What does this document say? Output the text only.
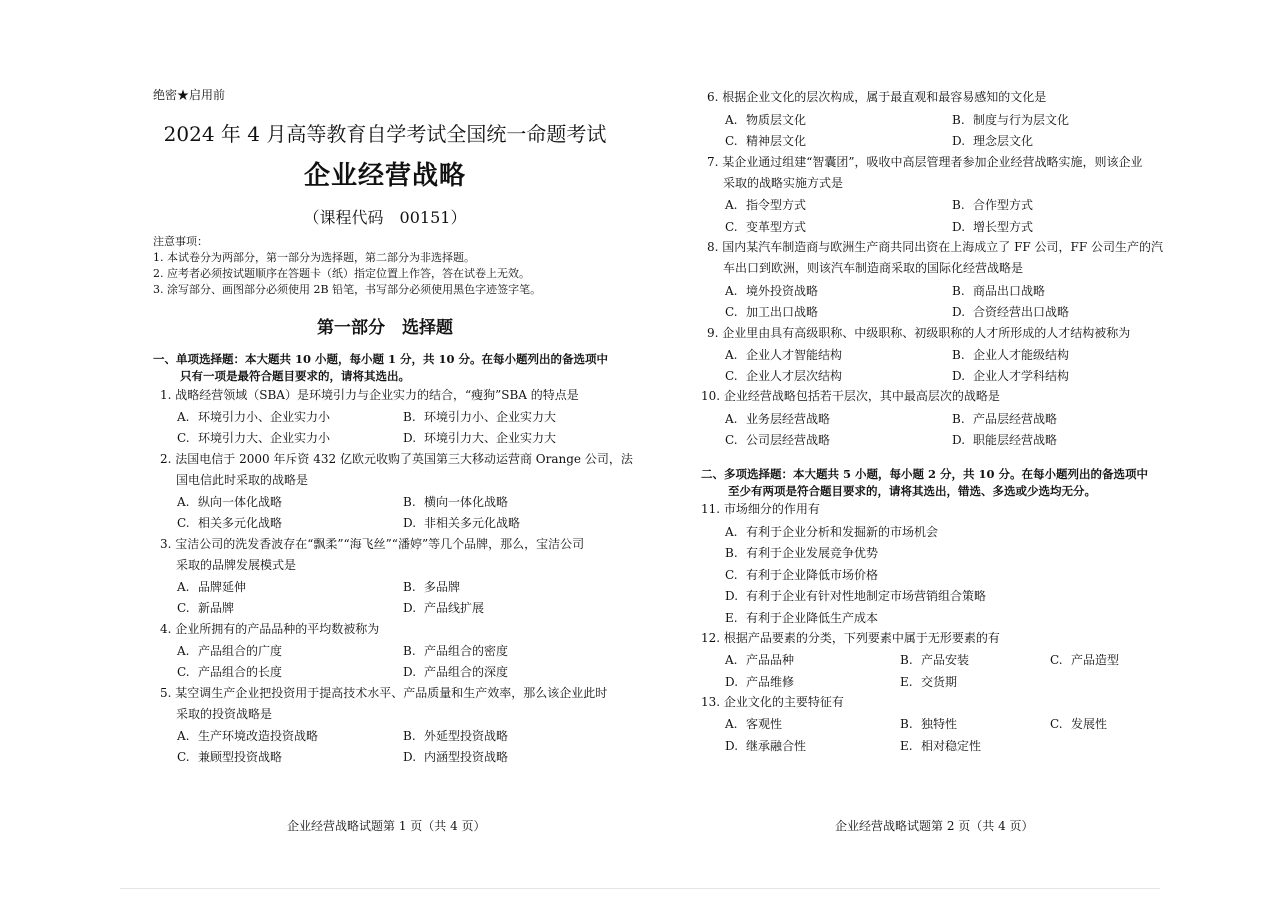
绝密★启用前
2024 年 4 月高等教育自学考试全国统一命题考试
企业经营战略
（课程代码　00151）
注意事项：
1. 本试卷分为两部分，第一部分为选择题，第二部分为非选择题。
2. 应考者必须按试题顺序在答题卡（纸）指定位置上作答，答在试卷上无效。
3. 涂写部分、画图部分必须使用 2B 铅笔，书写部分必须使用黑色字迹签字笔。
第一部分　选择题
一、单项选择题：本大题共 10 小题，每小题 1 分，共 10 分。在每小题列出的备选项中
只有一项是最符合题目要求的，请将其选出。
1. 战略经营领域（SBA）是环境引力与企业实力的结合，“瘦狗”SBA 的特点是
A. 环境引力小、企业实力小	B. 环境引力小、企业实力大
C. 环境引力大、企业实力小	D. 环境引力大、企业实力大
2. 法国电信于 2000 年斥资 432 亿欧元收购了英国第三大移动运营商 Orange 公司，法
国电信此时采取的战略是
A. 纵向一体化战略	B. 横向一体化战略
C. 相关多元化战略	D. 非相关多元化战略
3. 宝洁公司的洗发香波存在“飘柔”“海飞丝”“潘婷”等几个品牌，那么，宝洁公司
采取的品牌发展模式是
A. 品牌延伸	B. 多品牌
C. 新品牌	D. 产品线扩展
4. 企业所拥有的产品品种的平均数被称为
A. 产品组合的广度	B. 产品组合的密度
C. 产品组合的长度	D. 产品组合的深度
5. 某空调生产企业把投资用于提高技术水平、产品质量和生产效率，那么该企业此时
采取的投资战略是
A. 生产环境改造投资战略	B. 外延型投资战略
C. 兼顾型投资战略	D. 内涵型投资战略
企业经营战略试题第 1 页（共 4 页）
6. 根据企业文化的层次构成，属于最直观和最容易感知的文化是
A. 物质层文化	B. 制度与行为层文化
C. 精神层文化	D. 理念层文化
7. 某企业通过组建“智囊团”，吸收中高层管理者参加企业经营战略实施，则该企业
采取的战略实施方式是
A. 指令型方式	B. 合作型方式
C. 变革型方式	D. 增长型方式
8. 国内某汽车制造商与欧洲生产商共同出资在上海成立了 FF 公司，FF 公司生产的汽
车出口到欧洲，则该汽车制造商采取的国际化经营战略是
A. 境外投资战略	B. 商品出口战略
C. 加工出口战略	D. 合资经营出口战略
9. 企业里由具有高级职称、中级职称、初级职称的人才所形成的人才结构被称为
A. 企业人才智能结构	B. 企业人才能级结构
C. 企业人才层次结构	D. 企业人才学科结构
10. 企业经营战略包括若干层次，其中最高层次的战略是
A. 业务层经营战略	B. 产品层经营战略
C. 公司层经营战略	D. 职能层经营战略
二、多项选择题：本大题共 5 小题，每小题 2 分，共 10 分。在每小题列出的备选项中
至少有两项是符合题目要求的，请将其选出，错选、多选或少选均无分。
11. 市场细分的作用有
A. 有利于企业分析和发掘新的市场机会
B. 有利于企业发展竞争优势
C. 有利于企业降低市场价格
D. 有利于企业有针对性地制定市场营销组合策略
E. 有利于企业降低生产成本
12. 根据产品要素的分类，下列要素中属于无形要素的有
A. 产品品种	B. 产品安装	C. 产品造型
D. 产品维修	E. 交货期
13. 企业文化的主要特征有
A. 客观性	B. 独特性	C. 发展性
D. 继承融合性	E. 相对稳定性
企业经营战略试题第 2 页（共 4 页）
